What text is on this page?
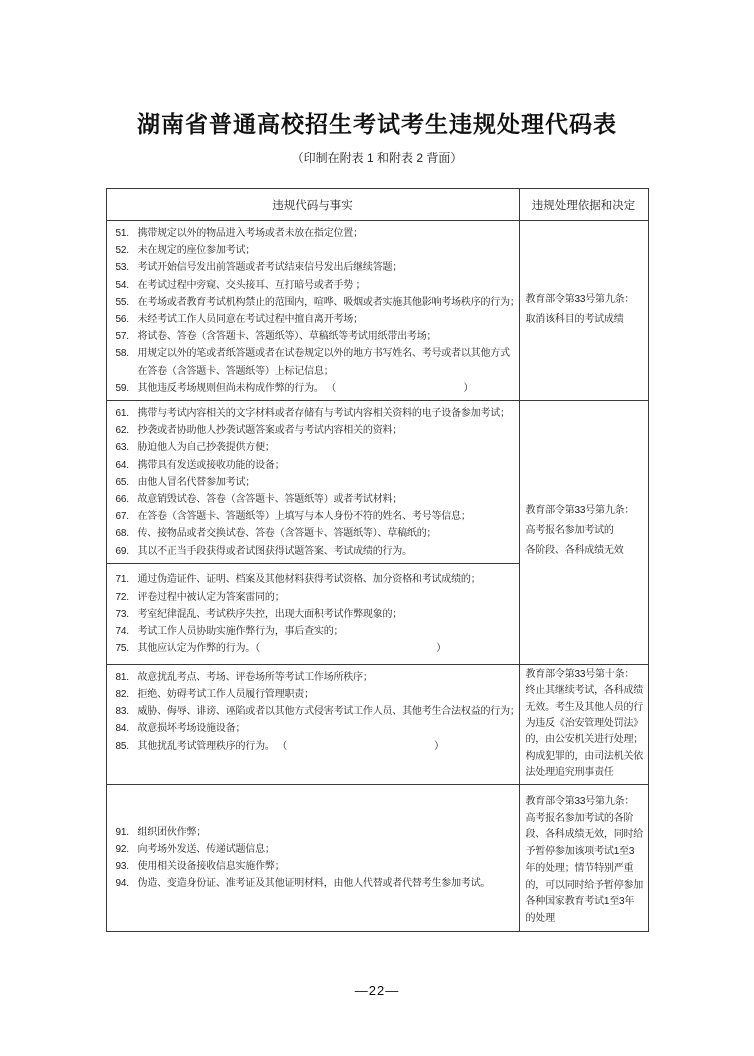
湖南省普通高校招生考试考生违规处理代码表
（印制在附表 1 和附表 2 背面）
违规代码与事实	违规处理依据和决定
51. 携带规定以外的物品进入考场或者未放在指定位置；
52. 未在规定的座位参加考试；
53. 考试开始信号发出前答题或者考试结束信号发出后继续答题；
54. 在考试过程中旁窥、交头接耳、互打暗号或者手势 ；
55. 在考场或者教育考试机构禁止的范围内，喧哗、吸烟或者实施其他影响考场秩序的行为；
56. 未经考试工作人员同意在考试过程中擅自离开考场；
57. 将试卷、答卷（含答题卡、答题纸等）、草稿纸等考试用纸带出考场；
58. 用规定以外的笔或者纸答题或者在试卷规定以外的地方书写姓名、考号或者以其他方式
在答卷（含答题卡、答题纸等）上标记信息；
59. 其他违反考场规则但尚未构成作弊的行为。 （　　　　　　　　　　　　　）
教育部令第33号第九条：
取消该科目的考试成绩
61. 携带与考试内容相关的文字材料或者存储有与考试内容相关资料的电子设备参加考试；
62. 抄袭或者协助他人抄袭试题答案或者与考试内容相关的资料；
63. 胁迫他人为自己抄袭提供方便；
64. 携带具有发送或接收功能的设备；
65. 由他人冒名代替参加考试；
66. 故意销毁试卷、答卷（含答题卡、答题纸等）或者考试材料；
67. 在答卷（含答题卡、答题纸等）上填写与本人身份不符的姓名、考号等信息；
68. 传、接物品或者交换试卷、答卷（含答题卡、答题纸等）、草稿纸的；
69. 其以不正当手段获得或者试图获得试题答案、考试成绩的行为。
71. 通过伪造证件、证明、档案及其他材料获得考试资格、加分资格和考试成绩的；
72. 评卷过程中被认定为答案雷同的；
73. 考室纪律混乱、考试秩序失控，出现大面积考试作弊现象的；
74. 考试工作人员协助实施作弊行为，事后查实的；
75. 其他应认定为作弊的行为。（　　　　　　　　　　　　　　　　　　）
教育部令第33号第九条：
高考报名参加考试的
各阶段、各科成绩无效
81. 故意扰乱考点、考场、评卷场所等考试工作场所秩序；
82. 拒绝、妨碍考试工作人员履行管理职责；
83. 威胁、侮辱、诽谤、诬陷或者以其他方式侵害考试工作人员、其他考生合法权益的行为；
84. 故意损坏考场设施设备；
85. 其他扰乱考试管理秩序的行为。 （　　　　　　　　　　　　　　　）
教育部令第33号第十条：
终止其继续考试，各科成绩
无效。考生及其他人员的行
为违反《治安管理处罚法》
的，由公安机关进行处理；
构成犯罪的，由司法机关依
法处理追究刑事责任
91. 组织团伙作弊；
92. 向考场外发送、传递试题信息；
93. 使用相关设备接收信息实施作弊；
94. 伪造、变造身份证、准考证及其他证明材料，由他人代替或者代替考生参加考试。
教育部令第33号第九条：
高考报名参加考试的各阶
段、各科成绩无效，同时给
予暂停参加该项考试1至3
年的处理；情节特别严重
的，可以同时给予暂停参加
各种国家教育考试1至3年
的处理
—22—
